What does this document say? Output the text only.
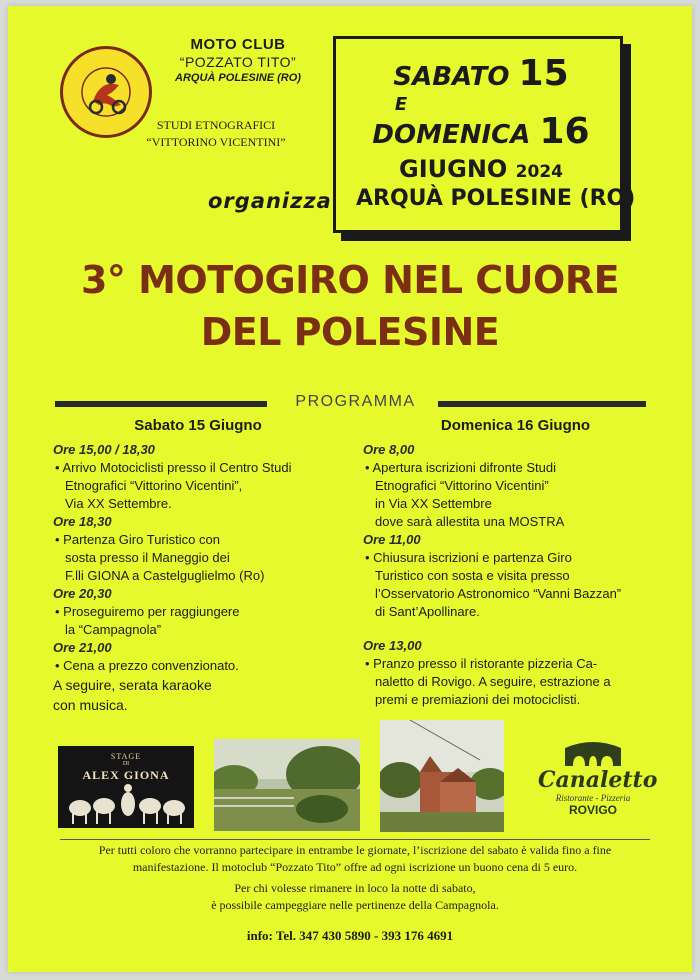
MOTO CLUB
“POZZATO TITO”
ARQUÀ POLESINE (RO)
STUDI ETNOGRAFICI
“VITTORINO VICENTINI”
SABATO 15
E
DOMENICA 16
GIUGNO 2024
organizza ARQUÀ POLESINE (RO)
3° MOTOGIRO NEL CUORE
DEL POLESINE
PROGRAMMA
Sabato 15 Giugno
Ore 15,00 / 18,30
• Arrivo Motociclisti presso il Centro Studi
Etnografici “Vittorino Vicentini”,
Via XX Settembre.
Ore 18,30
• Partenza Giro Turistico con
sosta presso il Maneggio dei
F.lli GIONA a Castelguglielmo (Ro)
Ore 20,30
• Proseguiremo per raggiungere
la “Campagnola”
Ore 21,00
• Cena a prezzo convenzionato.
A seguire, serata karaoke
con musica.
Domenica 16 Giugno
Ore 8,00
• Apertura iscrizioni difronte Studi
Etnografici “Vittorino Vicentini”
in Via XX Settembre
dove sarà allestita una MOSTRA
Ore 11,00
• Chiusura iscrizioni e partenza Giro
Turistico con sosta e visita presso
l’Osservatorio Astronomico “Vanni Bazzan”
di Sant’Apollinare.
Ore 13,00
• Pranzo presso il ristorante pizzeria Ca-
naletto di Rovigo. A seguire, estrazione a
premi e premiazioni dei motociclisti.
STAGE
DI
ALEX GIONA	Canaletto
Ristorante - Pizzeria
ROVIGO
Per tutti coloro che vorranno partecipare in entrambe le giornate, l’iscrizione del sabato è valida fino a fine
manifestazione. Il motoclub “Pozzato Tito” offre ad ogni iscrizione un buono cena di 5 euro.
Per chi volesse rimanere in loco la notte di sabato,
è possibile campeggiare nelle pertinenze della Campagnola.
info: Tel. 347 430 5890 - 393 176 4691
